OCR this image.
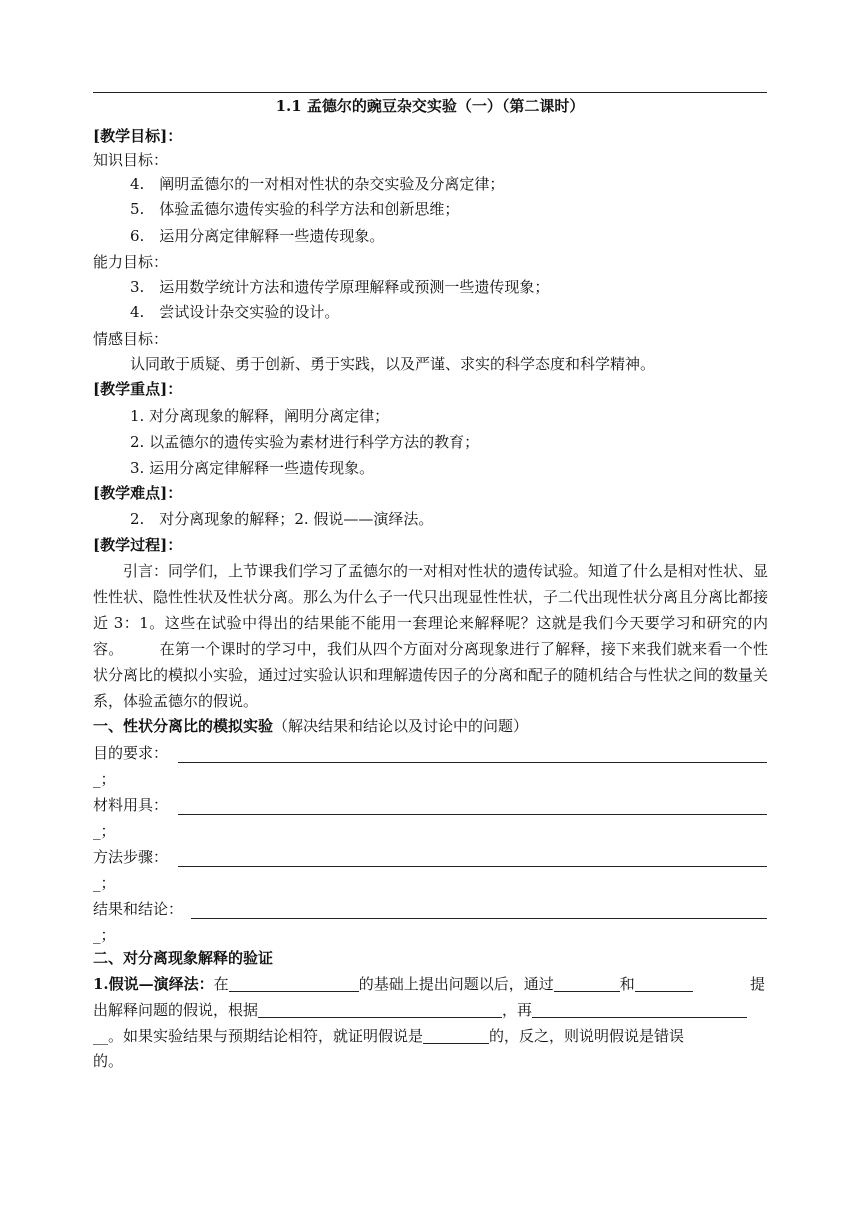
1.1 孟德尔的豌豆杂交实验（一）（第二课时）
[教学目标]：
知识目标：
4.　阐明孟德尔的一对相对性状的杂交实验及分离定律；
5.　体验孟德尔遗传实验的科学方法和创新思维；
6.　运用分离定律解释一些遗传现象。
能力目标：
3.　运用数学统计方法和遗传学原理解释或预测一些遗传现象；
4.　尝试设计杂交实验的设计。
情感目标：
认同敢于质疑、勇于创新、勇于实践，以及严谨、求实的科学态度和科学精神。
[教学重点]：
1. 对分离现象的解释，阐明分离定律；
2. 以孟德尔的遗传实验为素材进行科学方法的教育；
3. 运用分离定律解释一些遗传现象。
[教学难点]：
2.　对分离现象的解释；2. 假说——演绎法。
[教学过程]：
引言：同学们，上节课我们学习了孟德尔的一对相对性状的遗传试验。知道了什么是相对性状、显性性状、隐性性状及性状分离。那么为什么子一代只出现显性性状，子二代出现性状分离且分离比都接近 3：1。这些在试验中得出的结果能不能用一套理论来解释呢？这就是我们今天要学习和研究的内容。 在第一个课时的学习中，我们从四个方面对分离现象进行了解释，接下来我们就来看一个性状分离比的模拟小实验，通过过实验认识和理解遗传因子的分离和配子的随机结合与性状之间的数量关系，体验孟德尔的假说。
一、性状分离比的模拟实验（解决结果和结论以及讨论中的问题）
目的要求：
_；
材料用具：
_；
方法步骤：
_；
结果和结论：
_；
二、对分离现象解释的验证
1.假说—演绎法：在	的基础上提出问题以后，通过	和	提
出解释问题的假说，根据	，再
__。如果实验结果与预期结论相符，就证明假说是	的，反之，则说明假说是错误
的。
